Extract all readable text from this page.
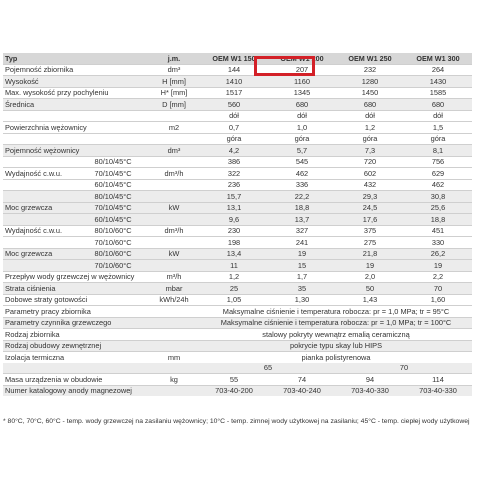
Typ		j.m.	OEM W1 150	OEM W1 200	OEM W1 250	OEM W1 300
Pojemność zbiornika		dm³	144	207	232	264
Wysokość		H [mm]	1410	1160	1280	1430
Max. wysokość przy pochyleniu		H* [mm]	1517	1345	1450	1585
Średnica		D [mm]	560	680	680	680
			dół	dół	dół	dół
Powierzchnia wężownicy		m2	0,7	1,0	1,2	1,5
			góra	góra	góra	góra
Pojemność wężownicy		dm³	4,2	5,7	7,3	8,1
	80/10/45°C		386	545	720	756
Wydajność c.w.u.	70/10/45°C	dm³/h	322	462	602	629
	60/10/45°C		236	336	432	462
	80/10/45°C		15,7	22,2	29,3	30,8
Moc grzewcza	70/10/45°C	kW	13,1	18,8	24,5	25,6
	60/10/45°C		9,6	13,7	17,6	18,8
Wydajność c.w.u.	80/10/60°C	dm³/h	230	327	375	451
	70/10/60°C		198	241	275	330
Moc grzewcza	80/10/60°C	kW	13,4	19	21,8	26,2
	70/10/60°C		11	15	19	19
Przepływ wody grzewczej w wężownicy		m³/h	1,2	1,7	2,0	2,2
Strata ciśnienia		mbar	25	35	50	70
Dobowe straty gotowości		kWh/24h	1,05	1,30	1,43	1,60
Parametry pracy zbiornika			Maksymalne ciśnienie i temperatura robocza: pr = 1,0 MPa; tr = 95°C			
Parametry czynnika grzewczego			Maksymalne ciśnienie i temperatura robocza: pr = 1,0 MPa; tr = 100°C			
Rodzaj zbiornika			stalowy pokryty wewnątrz emalią ceramiczną			
Rodzaj obudowy zewnętrznej			pokrycie typu skay lub HIPS			
Izolacja termiczna		mm	pianka polistyrenowa			
			65		70	
Masa urządzenia w obudowie		kg	55	74	94	114
Numer katalogowy anody magnezowej			703-40-200	703-40-240	703-40-330	703-40-330
* 80°C, 70°C, 60°C - temp. wody grzewczej na zasilaniu wężownicy; 10°C - temp. zimnej wody użytkowej na zasilaniu; 45°C - temp. ciepłej wody użytkowej
